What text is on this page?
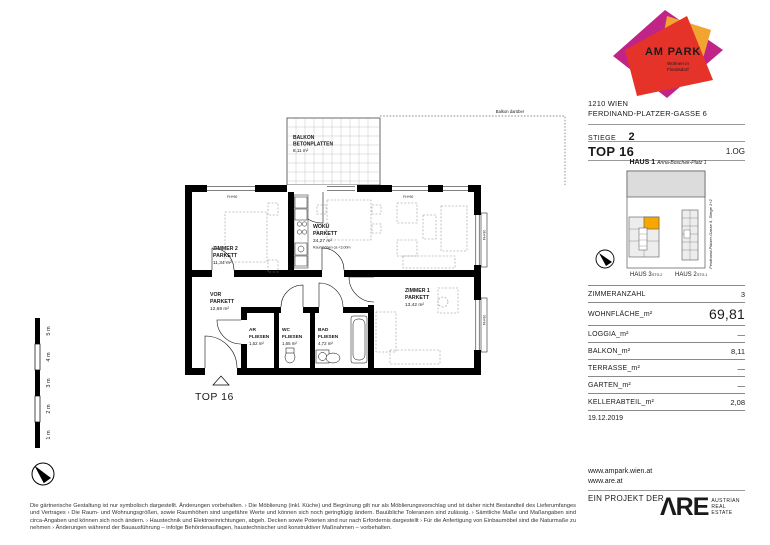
Balkon darüber
BALKON
BETONPLATTEN
8,11 m²
ZIMMER 2
PARKETT
11,34 m²
WOKÜ
PARKETT
24,27 m²
Raumhöhen ca <3,00m
VOR
PARKETT
12,69 m²
AR
FLIESEN
1,52 m²
WC
FLIESEN
1,65 m²
BAD
FLIESEN
4,72 m²
ZIMMER 1
PARKETT
13,42 m²
FH+90	FH+90
FH+90
FH+90
TOP 16
5 m
4 m
3 m
2 m
1 m
AM PARK
Wohnen in
Floridsdorf
1210 WIEN
FERDINAND-PLATZER-GASSE 6
STIEGE 2
1.OG
TOP 16
HAUS 1 Anna-Boschek-Platz 1
HAUS 3 STG.2 HAUS 2 STG.1
Ferdinand-Platzer-Gasse 6, Stiege 1+2
ZIMMERANZAHL	3
WOHNFLÄCHE_m²	69,81
LOGGIA_m²	—
BALKON_m²	8,11
TERRASSE_m²	—
GARTEN_m²	—
KELLERABTEIL_m²	2,08
19.12.2019
www.ampark.wien.at
www.are.at
EIN PROJEKT DER
ΛRE AUSTRIAN
REAL
ESTATE
Die gärtnerische Gestaltung ist nur symbolisch dargestellt. Änderungen vorbehalten. › Die Möblierung (inkl. Küche) und Begrünung gilt nur als Möblierungsvorschlag und ist daher nicht Bestandteil des Lieferumfanges und Vertrages › Die Raum- und Wohnungsgrößen, sowie Raumhöhen sind ungefähre Werte und können sich noch geringfügig ändern. Bauübliche Toleranzen sind zulässig. › Sämtliche Maße und Maßangaben sind circa-Angaben und können sich noch ändern. › Haustechnik und Elektroeinrichtungen, abgeh. Decken sowie Poterien sind nur nach Erfordernis dargestellt › Für die Anfertigung von Einbaumöbel sind die Naturmaße zu nehmen › Änderungen während der Bauausführung – infolge Behördenauflagen, haustechnischer und konstruktiver Maßnahmen – vorbehalten.
